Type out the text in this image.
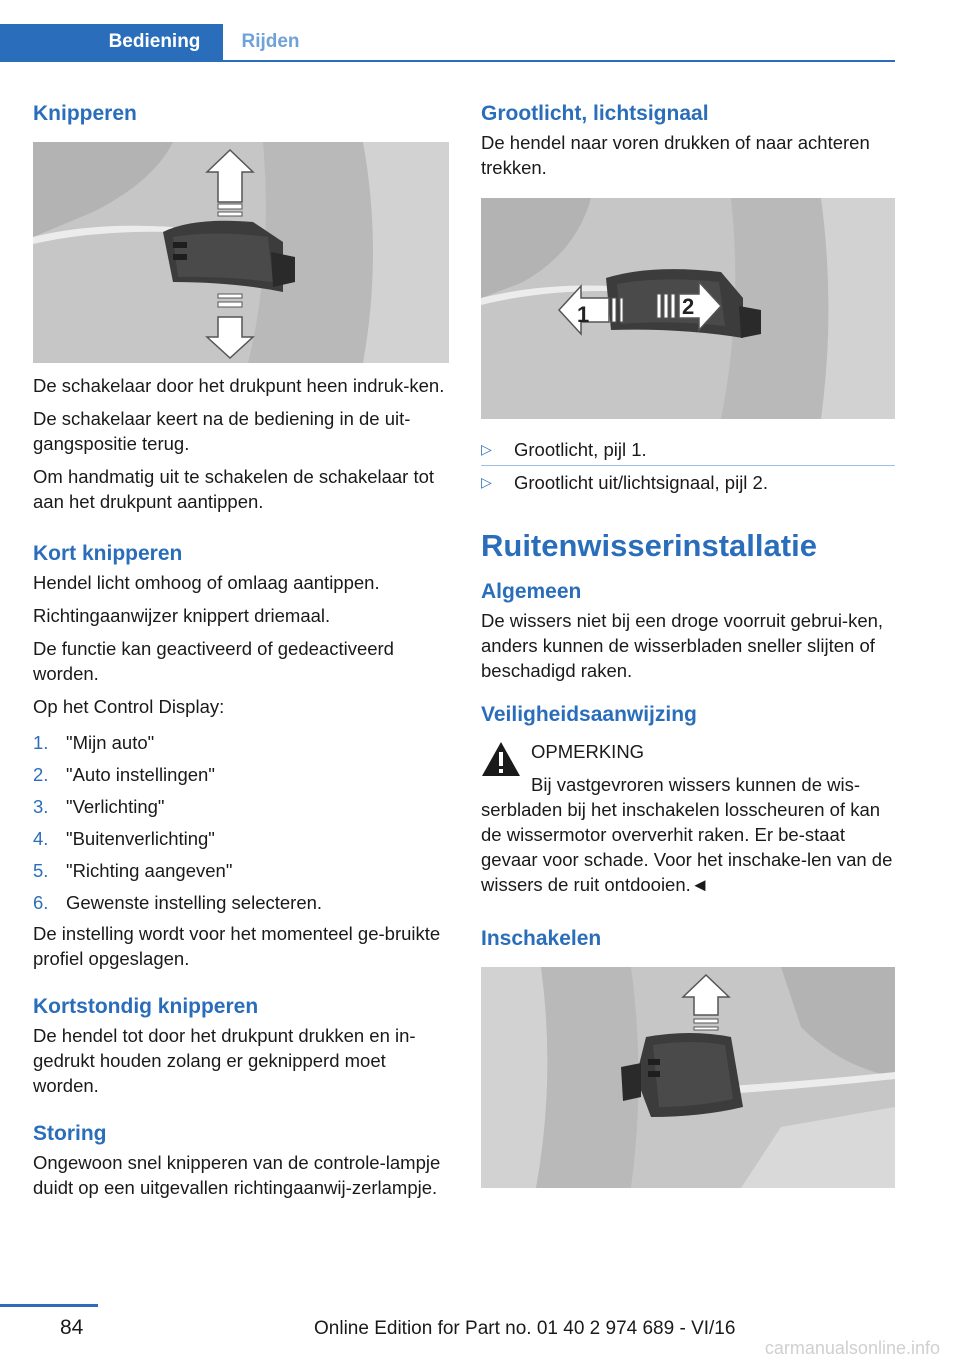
Bediening	Rijden
Knipperen

De schakelaar door het drukpunt heen indruk-ken.

De schakelaar keert na de bediening in de uit-gangspositie terug.

Om handmatig uit te schakelen de schakelaar tot aan het drukpunt aantippen.

Kort knipperen

Hendel licht omhoog of omlaag aantippen.

Richtingaanwijzer knippert driemaal.

De functie kan geactiveerd of gedeactiveerd worden.

Op het Control Display:

1. "Mijn auto"
2. "Auto instellingen"
3. "Verlichting"
4. "Buitenverlichting"
5. "Richting aangeven"
6. Gewenste instelling selecteren.

De instelling wordt voor het momenteel ge-bruikte profiel opgeslagen.

Kortstondig knipperen

De hendel tot door het drukpunt drukken en in-gedrukt houden zolang er geknipperd moet worden.

Storing

Ongewoon snel knipperen van de controle-lampje duidt op een uitgevallen richtingaanwij-zerlampje.

Grootlicht, lichtsignaal

De hendel naar voren drukken of naar achteren trekken.

1	2
▷	Grootlicht, pijl 1.
▷	Grootlicht uit/lichtsignaal, pijl 2.
Ruitenwisserinstallatie
Algemeen

De wissers niet bij een droge voorruit gebrui-ken, anders kunnen de wisserbladen sneller slijten of beschadigd raken.

Veiligheidsaanwijzing
OPMERKING

Bij vastgevroren wissers kunnen de wis-serbladen bij het inschakelen losscheuren of kan de wissermotor oververhit raken. Er be-staat gevaar voor schade. Voor het inschake-len van de wissers de ruit ontdooien.◄

Inschakelen
84	Online Edition for Part no. 01 40 2 974 689 - VI/16
carmanualsonline.info
